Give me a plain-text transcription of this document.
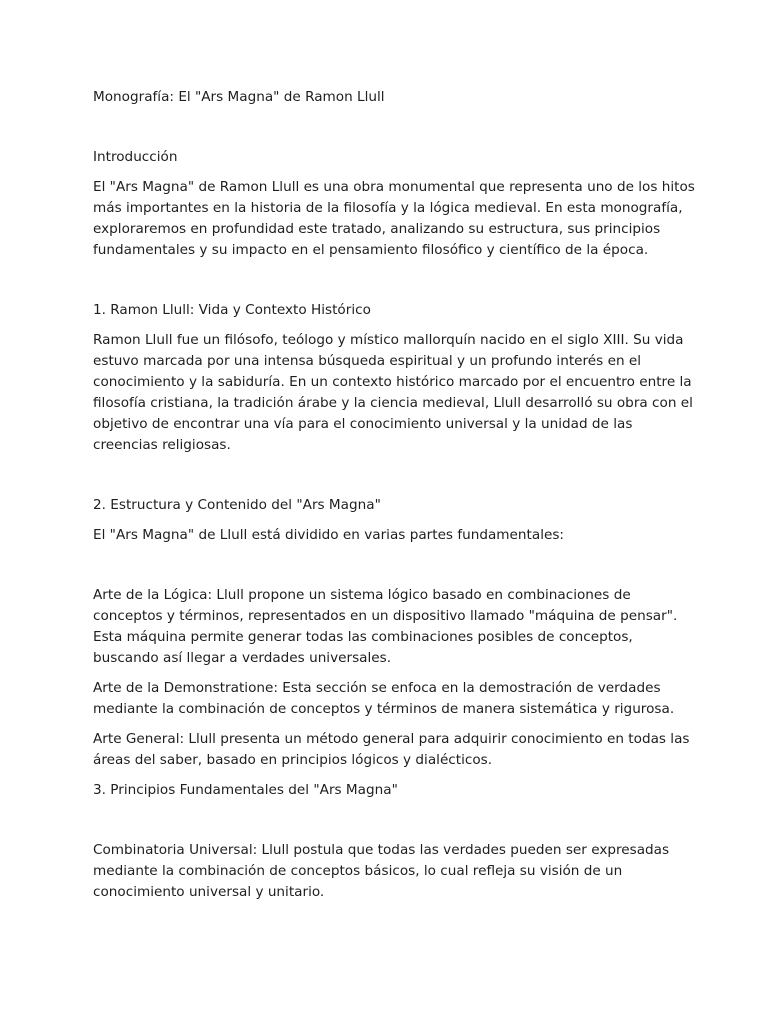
Monografía: El "Ars Magna" de Ramon Llull

Introducción

El "Ars Magna" de Ramon Llull es una obra monumental que representa uno de los hitos

más importantes en la historia de la filosofía y la lógica medieval. En esta monografía,

exploraremos en profundidad este tratado, analizando su estructura, sus principios

fundamentales y su impacto en el pensamiento filosófico y científico de la época.

1. Ramon Llull: Vida y Contexto Histórico

Ramon Llull fue un filósofo, teólogo y místico mallorquín nacido en el siglo XIII. Su vida

estuvo marcada por una intensa búsqueda espiritual y un profundo interés en el

conocimiento y la sabiduría. En un contexto histórico marcado por el encuentro entre la

filosofía cristiana, la tradición árabe y la ciencia medieval, Llull desarrolló su obra con el

objetivo de encontrar una vía para el conocimiento universal y la unidad de las

creencias religiosas.

2. Estructura y Contenido del "Ars Magna"

El "Ars Magna" de Llull está dividido en varias partes fundamentales:

Arte de la Lógica: Llull propone un sistema lógico basado en combinaciones de

conceptos y términos, representados en un dispositivo llamado "máquina de pensar".

Esta máquina permite generar todas las combinaciones posibles de conceptos,

buscando así llegar a verdades universales.

Arte de la Demonstratione: Esta sección se enfoca en la demostración de verdades

mediante la combinación de conceptos y términos de manera sistemática y rigurosa.

Arte General: Llull presenta un método general para adquirir conocimiento en todas las

áreas del saber, basado en principios lógicos y dialécticos.

3. Principios Fundamentales del "Ars Magna"

Combinatoria Universal: Llull postula que todas las verdades pueden ser expresadas

mediante la combinación de conceptos básicos, lo cual refleja su visión de un

conocimiento universal y unitario.
